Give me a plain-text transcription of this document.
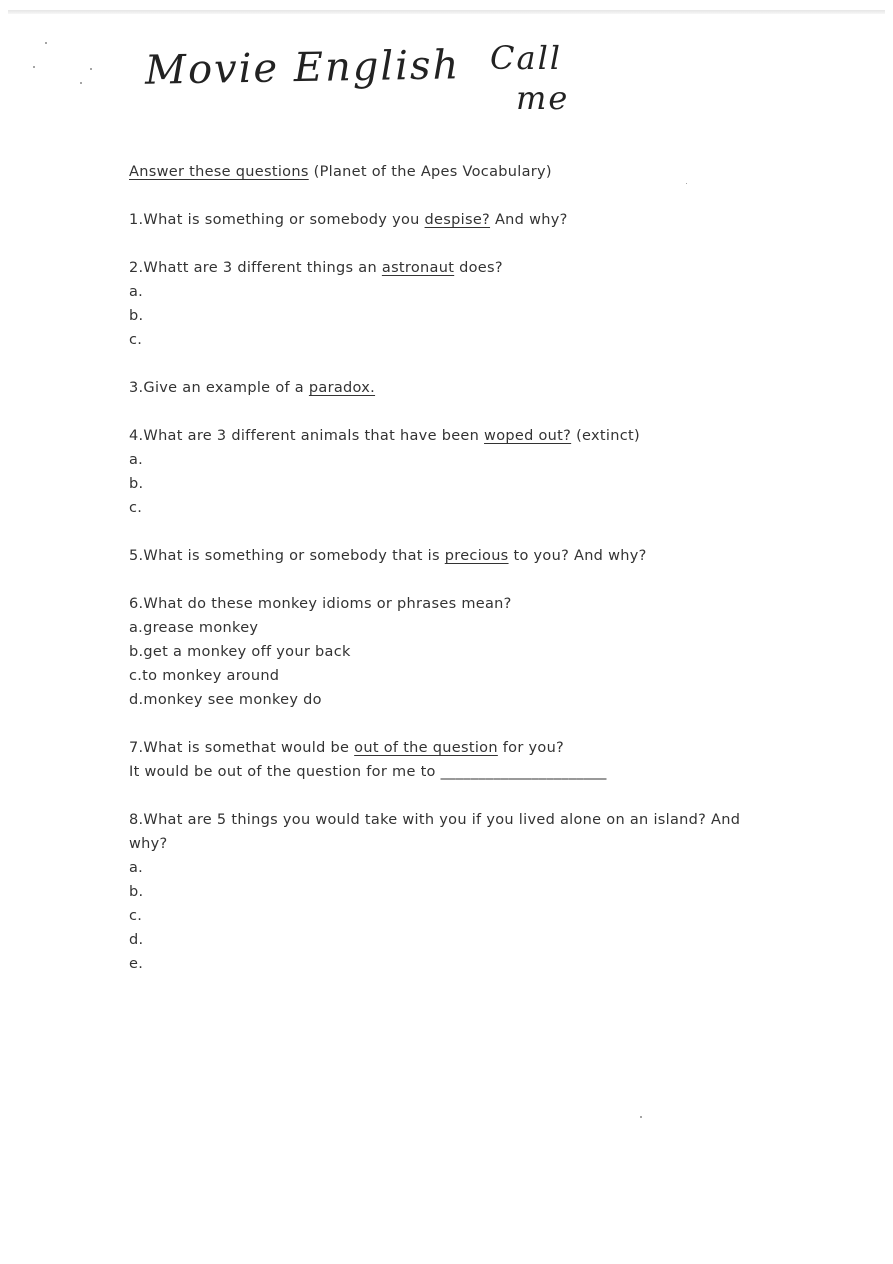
Movie English Call
me
Answer these questions (Planet of the Apes Vocabulary)
1.What is something or somebody you despise? And why?
2.Whatt are 3 different things an astronaut does?
a.
b.
c.
3.Give an example of a paradox.
4.What are 3 different animals that have been woped out? (extinct)
a.
b.
c.
5.What is something or somebody that is precious to you? And why?
6.What do these monkey idioms or phrases mean?
a.grease monkey
b.get a monkey off your back
c.to monkey around
d.monkey see monkey do
7.What is somethat would be out of the question for you?
It would be out of the question for me to ______________________
8.What are 5 things you would take with you if you lived alone on an island? And
why?
a.
b.
c.
d.
e.
